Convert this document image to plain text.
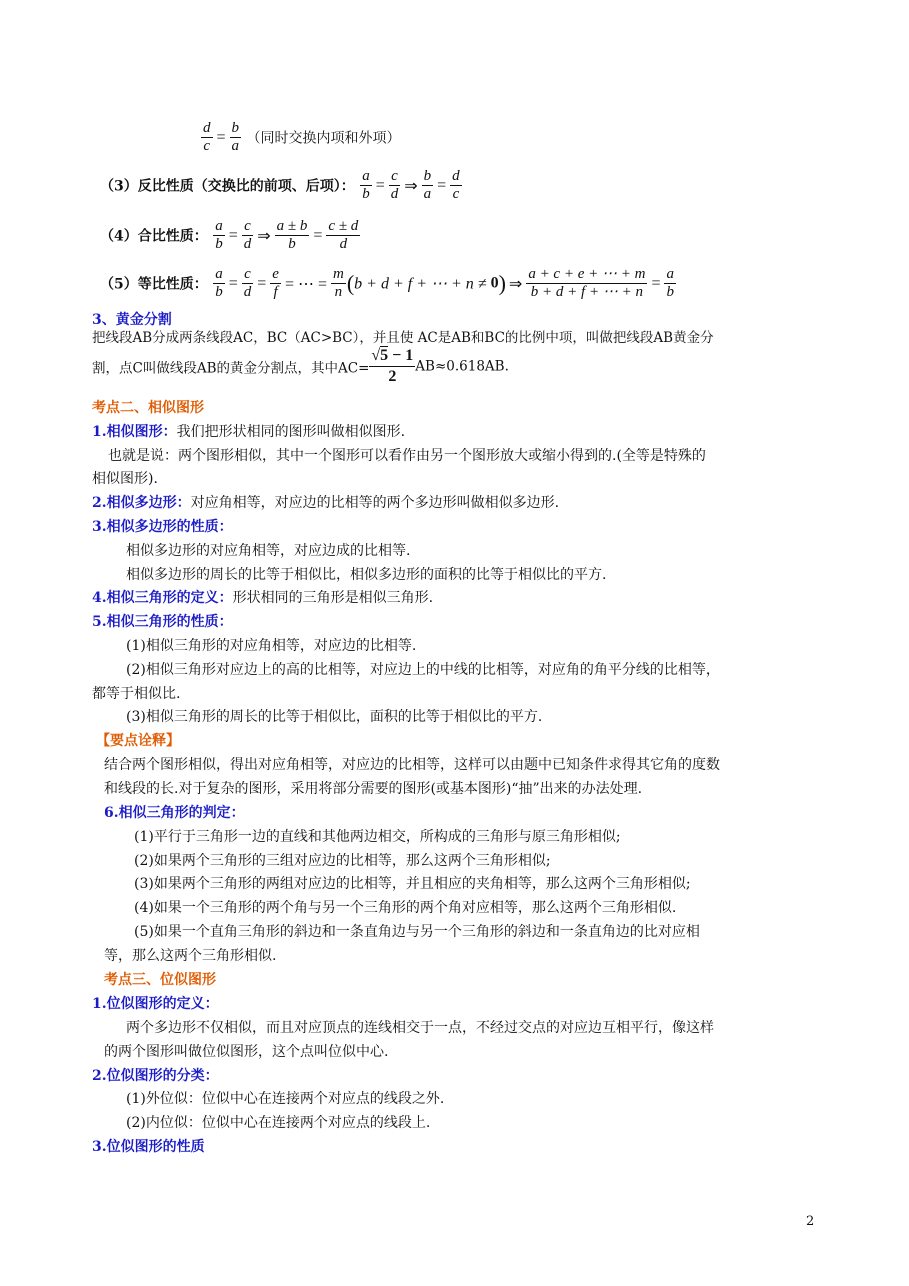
$\frac{d}{c} = \frac{b}{a}$ （同时交换内项和外项）
（3）反比性质（交换比的前项、后项）： $\frac{a}{b} = \frac{c}{d}$ ⇒ $\frac{b}{a} = \frac{d}{c}$
（4）合比性质： $\frac{a}{b} = \frac{c}{d}$ ⇒ $\frac{a \pm b}{b} = \frac{c \pm d}{d}$
（5）等比性质： $\frac{a}{b} = \frac{c}{d} = \frac{e}{f}$ = ⋯ = $\frac{m}{n} (b + d + f$ + ⋯ + n ≠ 0) ⇒ $\frac{a + c + e + \cdots + m}{b + d + f + \cdots + n} = \frac{a}{b}$
3、黄金分割
把线段AB分成两条线段AC，BC（AC>BC），并且使 AC是AB和BC的比例中项，叫做把线段AB黄金分
割，点C叫做线段AB的黄金分割点，其中$AC= \frac{√5 - 1}{2} AB\approx 0.618AB$.
考点二、相似图形
1.相似图形：我们把形状相同的图形叫做相似图形.
也就是说：两个图形相似，其中一个图形可以看作由另一个图形放大或缩小得到的.(全等是特殊的
相似图形).
2.相似多边形：对应角相等，对应边的比相等的两个多边形叫做相似多边形.
3.相似多边形的性质：
相似多边形的对应角相等，对应边成的比相等.
相似多边形的周长的比等于相似比，相似多边形的面积的比等于相似比的平方.
4.相似三角形的定义：形状相同的三角形是相似三角形.
5.相似三角形的性质：
(1)相似三角形的对应角相等，对应边的比相等.
(2)相似三角形对应边上的高的比相等，对应边上的中线的比相等，对应角的角平分线的比相等，
都等于相似比.
(3)相似三角形的周长的比等于相似比，面积的比等于相似比的平方.
【要点诠释】
结合两个图形相似，得出对应角相等，对应边的比相等，这样可以由题中已知条件求得其它角的度数
和线段的长.对于复杂的图形，采用将部分需要的图形(或基本图形)“抽”出来的办法处理.
6.相似三角形的判定：
(1)平行于三角形一边的直线和其他两边相交，所构成的三角形与原三角形相似;
(2)如果两个三角形的三组对应边的比相等，那么这两个三角形相似;
(3)如果两个三角形的两组对应边的比相等，并且相应的夹角相等，那么这两个三角形相似;
(4)如果一个三角形的两个角与另一个三角形的两个角对应相等，那么这两个三角形相似.
(5)如果一个直角三角形的斜边和一条直角边与另一个三角形的斜边和一条直角边的比对应相
等，那么这两个三角形相似.
考点三、位似图形
1.位似图形的定义：
两个多边形不仅相似，而且对应顶点的连线相交于一点，不经过交点的对应边互相平行，像这样
的两个图形叫做位似图形，这个点叫位似中心.
2.位似图形的分类：
(1)外位似：位似中心在连接两个对应点的线段之外.
(2)内位似：位似中心在连接两个对应点的线段上.
3.位似图形的性质
2
